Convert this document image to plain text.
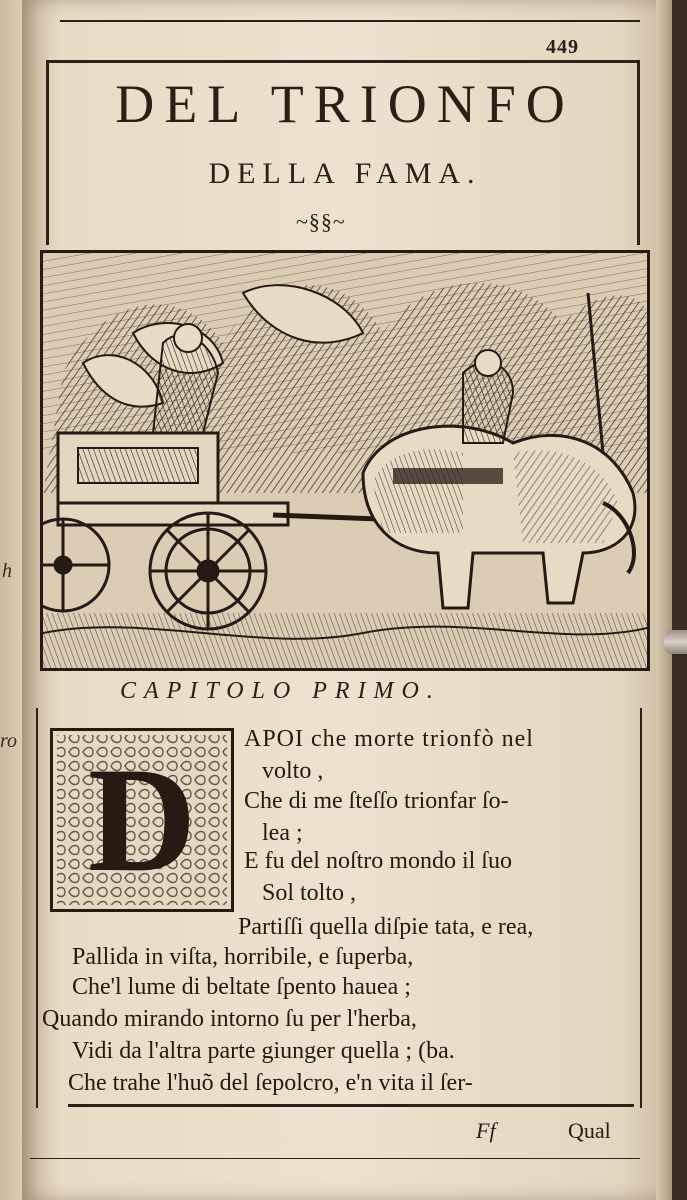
h
ro
449
DEL TRIONFO
DELLA FAMA.
~§§~
CAPITOLO PRIMO.
D	APOI che morte trionfò nel
volto ,
Che di me ſteſſo trionfar ſo-
lea ;
E fu del noſtro mondo il ſuo
Sol tolto ,
Partiſſi quella diſpie tata, e rea,
Pallida in viſta, horribile, e ſuperba,
Che'l lume di beltate ſpento hauea ;
Quando mirando intorno ſu per l'herba,
Vidi da l'altra parte giunger quella ; (ba.
Che trahe l'huõ del ſepolcro, e'n vita il ſer-
Ff	Qual
